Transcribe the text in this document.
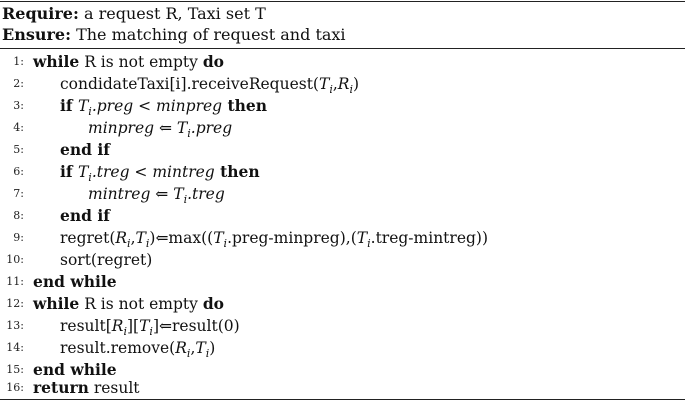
Require: a request R, Taxi set T
Ensure: The matching of request and taxi
1: while R is not empty do
2: $condidateTaxi[i].receiveRequest(T_i,R_i)$
3: if $T_i.preg$ < minpreg then
4:	minpreg ⇐ $T_i.preg$
5: end if
6: if $T_i.treg$ < mintreg then
7:	mintreg ⇐ $T_i.treg$
8: end if
9: $regret(R_i,T_i)⇐\max((T_i.preg-minpreg),(T_i.treg-mintreg))$
10: sort(regret)
11: end while
12: while R is not empty do
13: $result[R_i][T_i]⇐result(0)$
14: $result.remove(R_i,T_i)$
15: end while
16: return result
